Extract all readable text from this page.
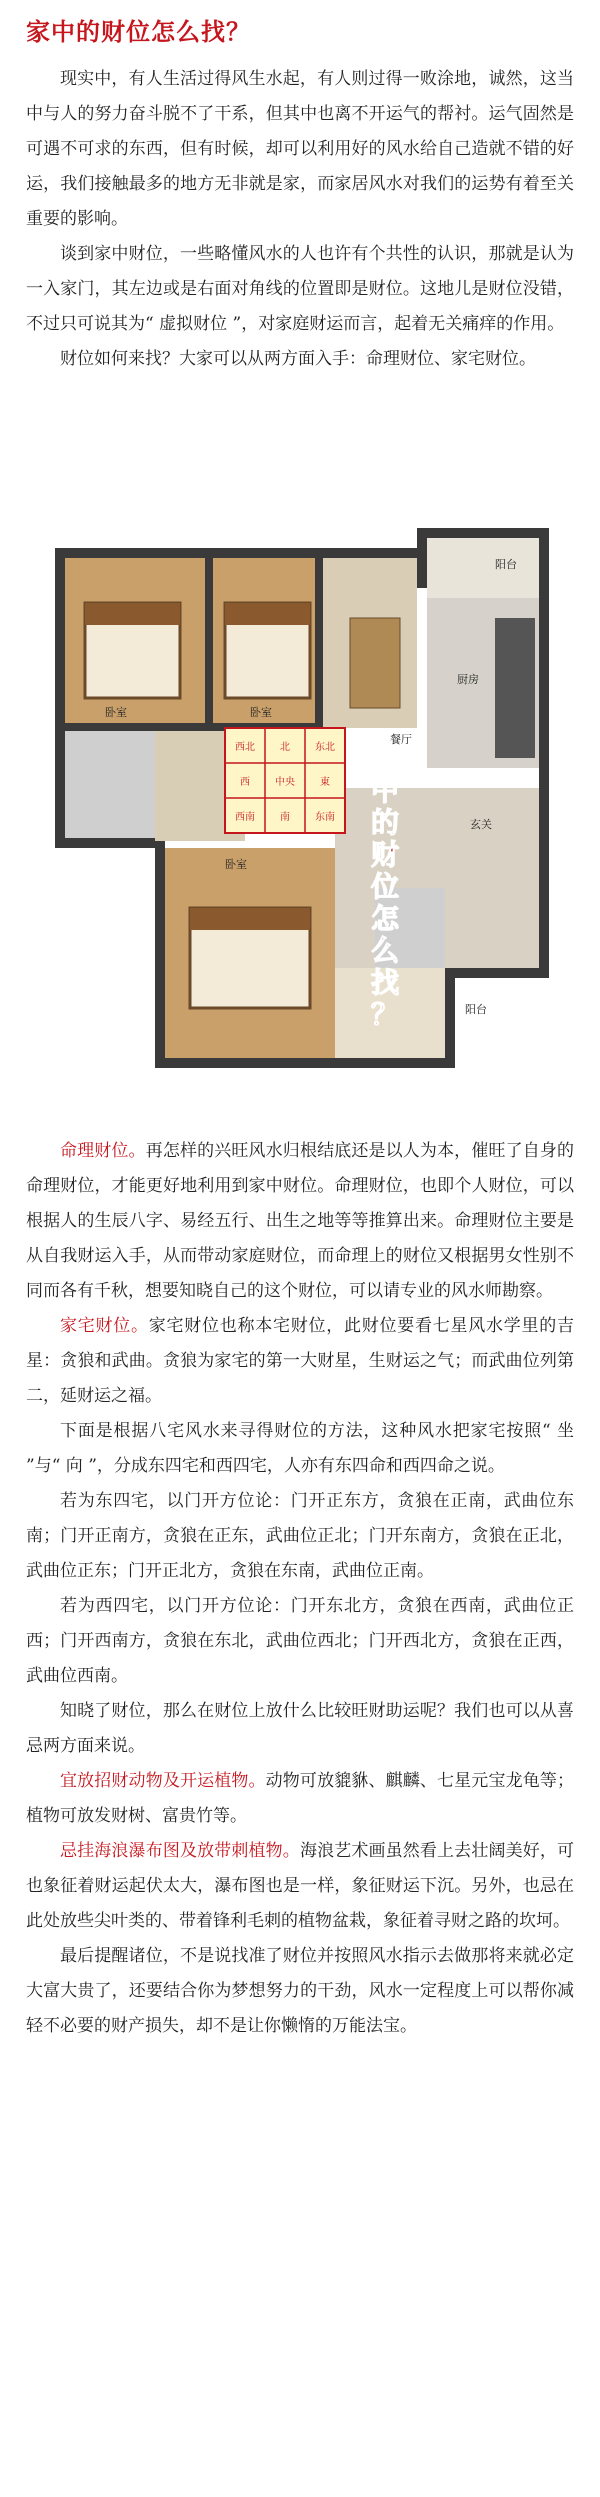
家中的财位怎么找？

现实中，有人生活过得风生水起，有人则过得一败涂地，诚然，这当中与人的努力奋斗脱不了干系，但其中也离不开运气的帮衬。运气固然是可遇不可求的东西，但有时候，却可以利用好的风水给自己造就不错的好运，我们接触最多的地方无非就是家，而家居风水对我们的运势有着至关重要的影响。

谈到家中财位，一些略懂风水的人也许有个共性的认识，那就是认为一入家门，其左边或是右面对角线的位置即是财位。这地儿是财位没错，不过只可说其为“ 虚拟财位 ”，对家庭财运而言，起着无关痛痒的作用。

财位如何来找？大家可以从两方面入手：命理财位、家宅财位。

阳台
厨房
餐厅
卧室	卧室
卧室
玄关
阳台
西北	北	东北
西	中央	東
西南	南	东南
家
中
的
财
位
怎
么
找
？

命理财位。再怎样的兴旺风水归根结底还是以人为本，催旺了自身的命理财位，才能更好地利用到家中财位。命理财位，也即个人财位，可以根据人的生辰八字、易经五行、出生之地等等推算出来。命理财位主要是从自我财运入手，从而带动家庭财位，而命理上的财位又根据男女性别不同而各有千秋，想要知晓自己的这个财位，可以请专业的风水师勘察。

家宅财位。家宅财位也称本宅财位，此财位要看七星风水学里的吉星：贪狼和武曲。贪狼为家宅的第一大财星，生财运之气；而武曲位列第二，延财运之福。

下面是根据八宅风水来寻得财位的方法，这种风水把家宅按照“ 坐 ”与“ 向 ”，分成东四宅和西四宅，人亦有东四命和西四命之说。

若为东四宅，以门开方位论：门开正东方，贪狼在正南，武曲位东南；门开正南方，贪狼在正东，武曲位正北；门开东南方，贪狼在正北，武曲位正东；门开正北方，贪狼在东南，武曲位正南。

若为西四宅，以门开方位论：门开东北方，贪狼在西南，武曲位正西；门开西南方，贪狼在东北，武曲位西北；门开西北方，贪狼在正西，武曲位西南。

知晓了财位，那么在财位上放什么比较旺财助运呢？我们也可以从喜忌两方面来说。

宜放招财动物及开运植物。动物可放貔貅、麒麟、七星元宝龙龟等；植物可放发财树、富贵竹等。

忌挂海浪瀑布图及放带刺植物。海浪艺术画虽然看上去壮阔美好，可也象征着财运起伏太大，瀑布图也是一样，象征财运下沉。另外，也忌在此处放些尖叶类的、带着锋利毛刺的植物盆栽，象征着寻财之路的坎坷。

最后提醒诸位，不是说找准了财位并按照风水指示去做那将来就必定大富大贵了，还要结合你为梦想努力的干劲，风水一定程度上可以帮你减轻不必要的财产损失，却不是让你懒惰的万能法宝。
